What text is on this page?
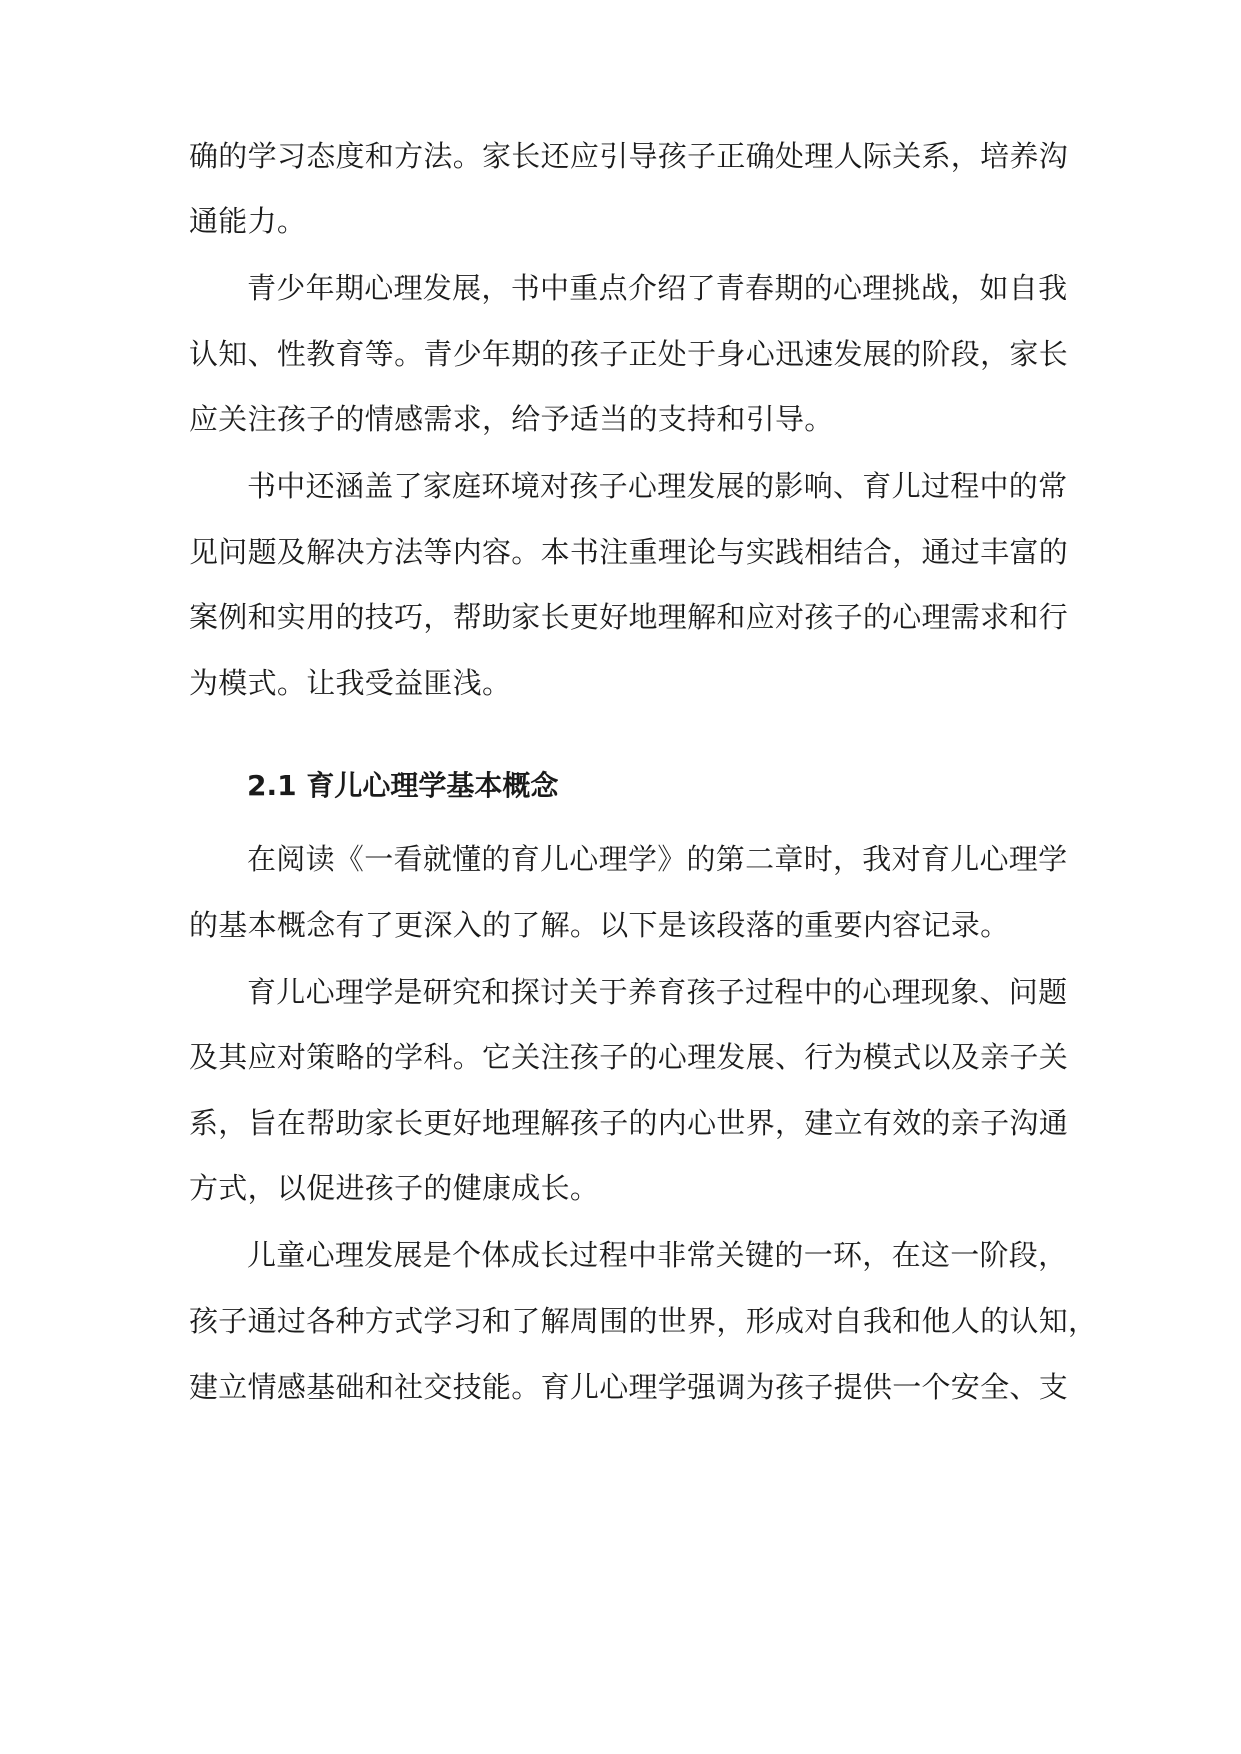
确的学习态度和方法。家长还应引导孩子正确处理人际关系，培养沟
通能力。
青少年期心理发展，书中重点介绍了青春期的心理挑战，如自我
认知、性教育等。青少年期的孩子正处于身心迅速发展的阶段，家长
应关注孩子的情感需求，给予适当的支持和引导。
书中还涵盖了家庭环境对孩子心理发展的影响、育儿过程中的常
见问题及解决方法等内容。本书注重理论与实践相结合，通过丰富的
案例和实用的技巧，帮助家长更好地理解和应对孩子的心理需求和行
为模式。让我受益匪浅。
2.1 育儿心理学基本概念
在阅读《一看就懂的育儿心理学》的第二章时，我对育儿心理学
的基本概念有了更深入的了解。以下是该段落的重要内容记录。
育儿心理学是研究和探讨关于养育孩子过程中的心理现象、问题
及其应对策略的学科。它关注孩子的心理发展、行为模式以及亲子关
系，旨在帮助家长更好地理解孩子的内心世界，建立有效的亲子沟通
方式，以促进孩子的健康成长。
儿童心理发展是个体成长过程中非常关键的一环，在这一阶段，
孩子通过各种方式学习和了解周围的世界，形成对自我和他人的认知，
建立情感基础和社交技能。育儿心理学强调为孩子提供一个安全、支
